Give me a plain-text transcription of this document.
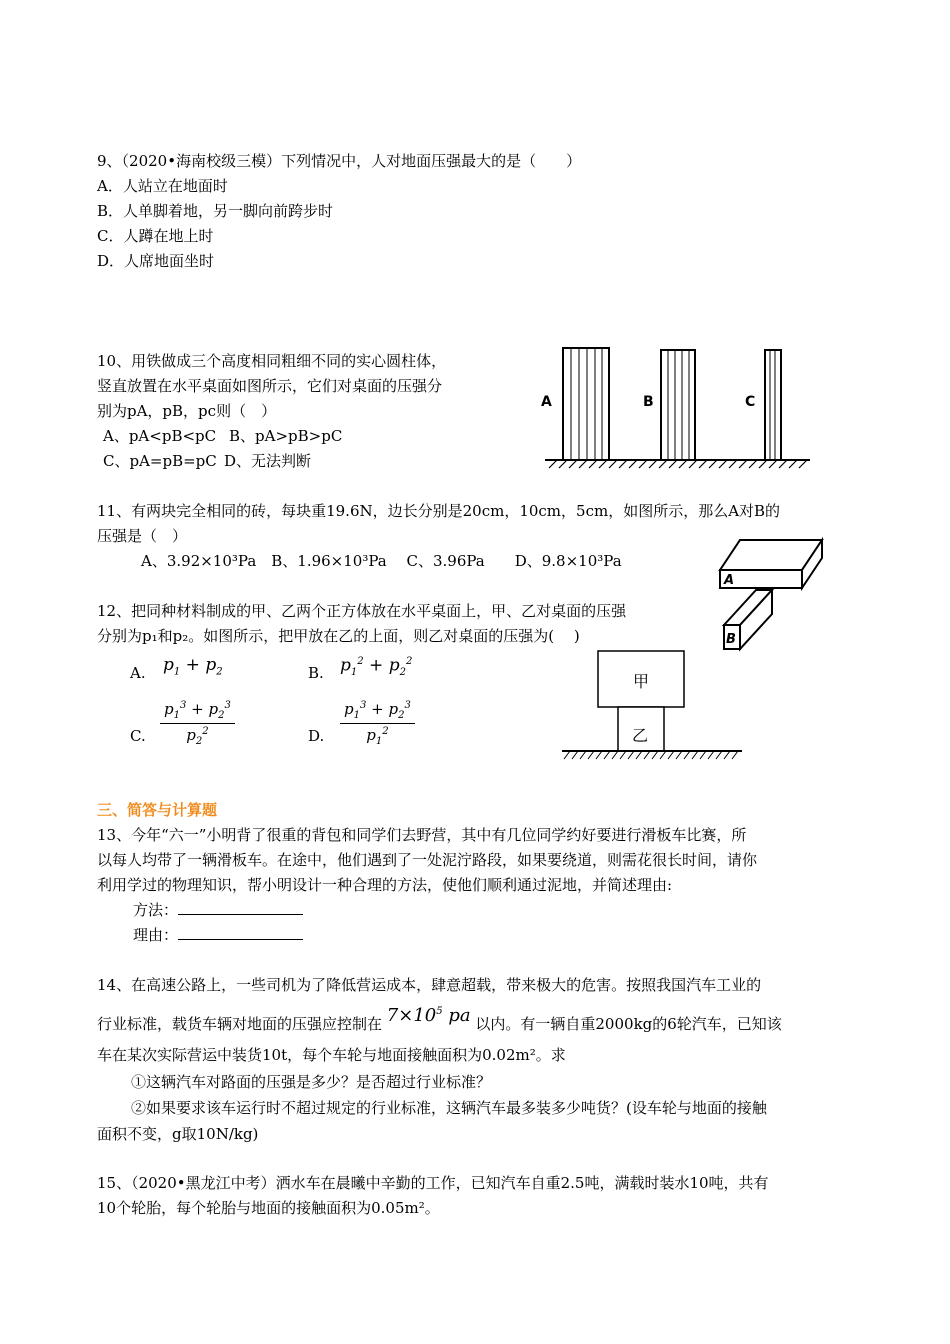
9、（2020•海南校级三模）下列情况中，人对地面压强最大的是（　　）
A．人站立在地面时
B．人单脚着地，另一脚向前跨步时
C．人蹲在地上时
D．人席地面坐时
10、用铁做成三个高度相同粗细不同的实心圆柱体，
竖直放置在水平桌面如图所示，它们对桌面的压强分
别为pA，pB，pc则（　）
A、pA<pB<pC B、pA>pB>pC
C、pA=pB=pC D、无法判断
A	B	C
11、有两块完全相同的砖，每块重19.6N，边长分别是20cm，10cm，5cm，如图所示，那么A对B的
压强是（　）
A、3.92×10³Pa　B、1.96×10³Pa　 C、3.96Pa　　D、9.8×10³Pa
A
B
12、把同种材料制成的甲、乙两个正方体放在水平桌面上，甲、乙对桌面的压强
分别为p₁和p₂。如图所示，把甲放在乙的上面，则乙对桌面的压强为(　 )
A. $p_1 + p_2$	B. $p_1^2 + p_2^2$
C. $\frac{p_1^3 + p_2^3}{p_2^2}$	D. $\frac{p_1^3 + p_2^3}{p_1^2}$
甲
乙
三、简答与计算题
13、今年“六一”小明背了很重的背包和同学们去野营，其中有几位同学约好要进行滑板车比赛，所
以每人均带了一辆滑板车。在途中，他们遇到了一处泥泞路段，如果要绕道，则需花很长时间，请你
利用学过的物理知识，帮小明设计一种合理的方法，使他们顺利通过泥地，并简述理由:
方法：
理由：
14、在高速公路上，一些司机为了降低营运成本，肆意超载，带来极大的危害。按照我国汽车工业的
行业标准，载货车辆对地面的压强应控制在 $7\times 10^5$ pa 以内。有一辆自重2000kg的6轮汽车，已知该
车在某次实际营运中装货10t，每个车轮与地面接触面积为0.02m²。求
①这辆汽车对路面的压强是多少？是否超过行业标准？
②如果要求该车运行时不超过规定的行业标准，这辆汽车最多装多少吨货？(设车轮与地面的接触
面积不变，g取10N/kg)
15、（2020•黑龙江中考）洒水车在晨曦中辛勤的工作，已知汽车自重2.5吨，满载时装水10吨，共有
10个轮胎，每个轮胎与地面的接触面积为0.05m²。
